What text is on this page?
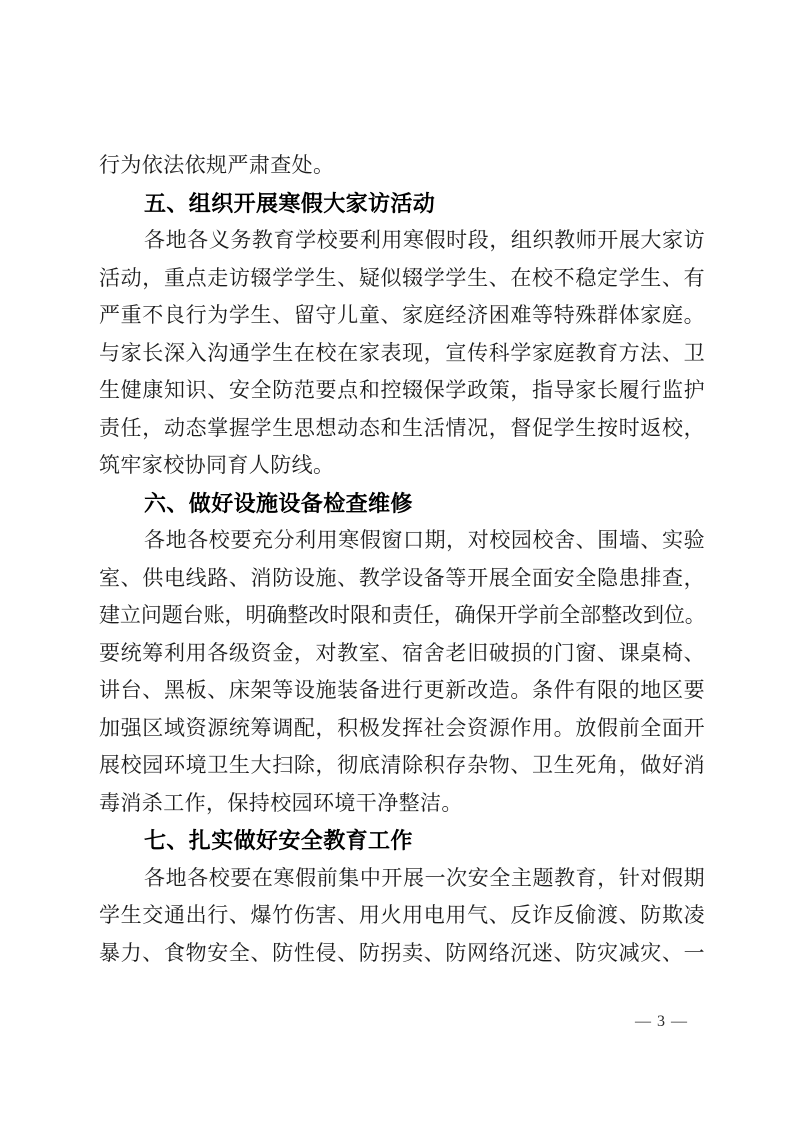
行为依法依规严肃查处。
五、组织开展寒假大家访活动
各地各义务教育学校要利用寒假时段，组织教师开展大家访
活动，重点走访辍学学生、疑似辍学学生、在校不稳定学生、有
严重不良行为学生、留守儿童、家庭经济困难等特殊群体家庭。
与家长深入沟通学生在校在家表现，宣传科学家庭教育方法、卫
生健康知识、安全防范要点和控辍保学政策，指导家长履行监护
责任，动态掌握学生思想动态和生活情况，督促学生按时返校，
筑牢家校协同育人防线。
六、做好设施设备检查维修
各地各校要充分利用寒假窗口期，对校园校舍、围墙、实验
室、供电线路、消防设施、教学设备等开展全面安全隐患排查，
建立问题台账，明确整改时限和责任，确保开学前全部整改到位。
要统筹利用各级资金，对教室、宿舍老旧破损的门窗、课桌椅、
讲台、黑板、床架等设施装备进行更新改造。条件有限的地区要
加强区域资源统筹调配，积极发挥社会资源作用。放假前全面开
展校园环境卫生大扫除，彻底清除积存杂物、卫生死角，做好消
毒消杀工作，保持校园环境干净整洁。
七、扎实做好安全教育工作
各地各校要在寒假前集中开展一次安全主题教育，针对假期
学生交通出行、爆竹伤害、用火用电用气、反诈反偷渡、防欺凌
暴力、食物安全、防性侵、防拐卖、防网络沉迷、防灾减灾、一
— 3 —
